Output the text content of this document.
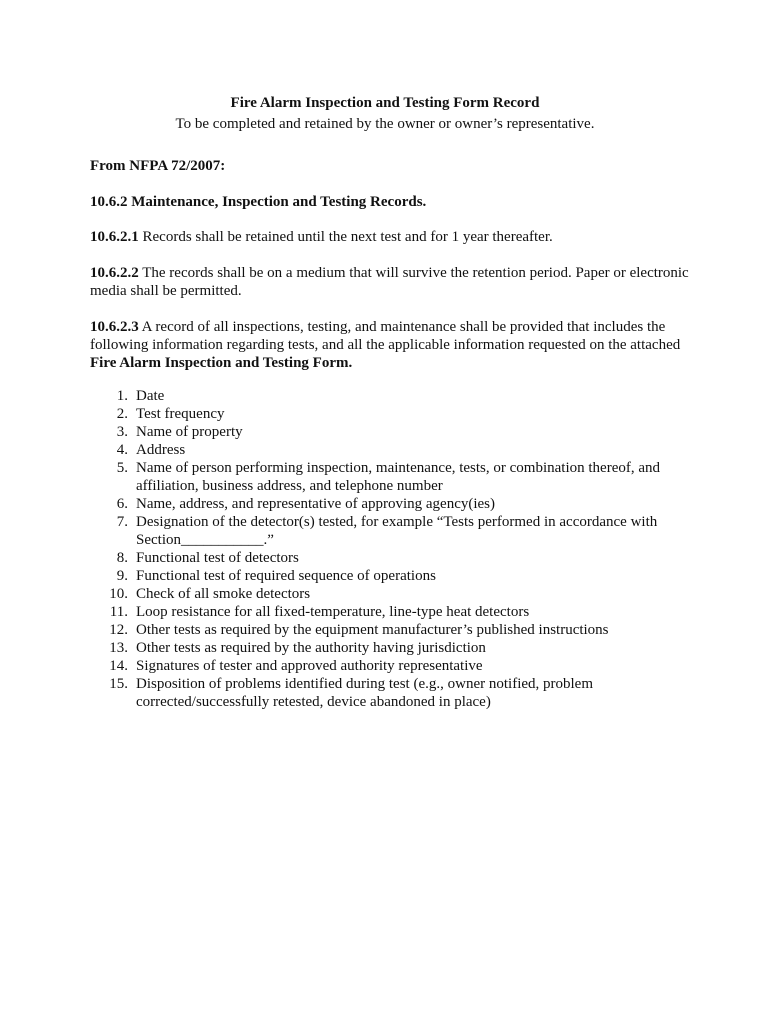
Fire Alarm Inspection and Testing Form Record
To be completed and retained by the owner or owner’s representative.
From NFPA 72/2007:
10.6.2 Maintenance, Inspection and Testing Records.
10.6.2.1 Records shall be retained until the next test and for 1 year thereafter.
10.6.2.2 The records shall be on a medium that will survive the retention period. Paper or electronic media shall be permitted.
10.6.2.3 A record of all inspections, testing, and maintenance shall be provided that includes the following information regarding tests, and all the applicable information requested on the attached Fire Alarm Inspection and Testing Form.
1. Date
2. Test frequency
3. Name of property
4. Address
5. Name of person performing inspection, maintenance, tests, or combination thereof, and affiliation, business address, and telephone number
6. Name, address, and representative of approving agency(ies)
7. Designation of the detector(s) tested, for example “Tests performed in accordance with Section___________.”
8. Functional test of detectors
9. Functional test of required sequence of operations
10. Check of all smoke detectors
11. Loop resistance for all fixed-temperature, line-type heat detectors
12. Other tests as required by the equipment manufacturer’s published instructions
13. Other tests as required by the authority having jurisdiction
14. Signatures of tester and approved authority representative
15. Disposition of problems identified during test (e.g., owner notified, problem corrected/successfully retested, device abandoned in place)
